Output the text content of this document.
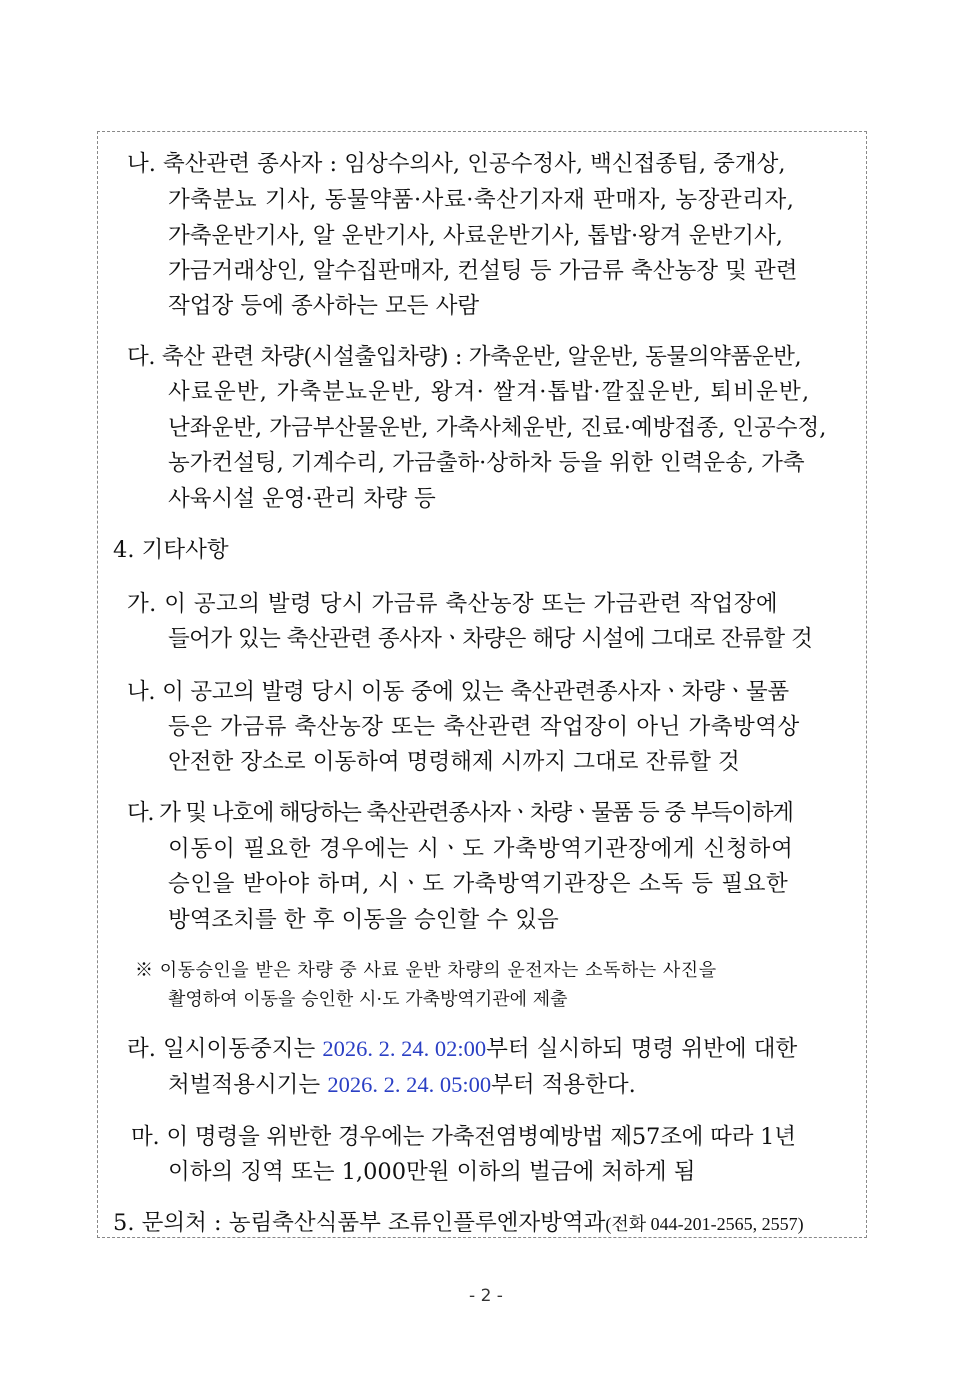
나. 축산관련 종사자 : 임상수의사, 인공수정사, 백신접종팀, 중개상,
가축분뇨 기사, 동물약품·사료·축산기자재 판매자, 농장관리자,
가축운반기사, 알 운반기사, 사료운반기사, 톱밥·왕겨 운반기사,
가금거래상인, 알수집판매자, 컨설팅 등 가금류 축산농장 및 관련
작업장 등에 종사하는 모든 사람
다. 축산 관련 차량(시설출입차량) : 가축운반, 알운반, 동물의약품운반,
사료운반, 가축분뇨운반, 왕겨· 쌀겨·톱밥·깔짚운반, 퇴비운반,
난좌운반, 가금부산물운반, 가축사체운반, 진료·예방접종, 인공수정,
농가컨설팅, 기계수리, 가금출하·상하차 등을 위한 인력운송, 가축
사육시설 운영·관리 차량 등
4. 기타사항
가. 이 공고의 발령 당시 가금류 축산농장 또는 가금관련 작업장에
들어가 있는 축산관련 종사자ㆍ차량은 해당 시설에 그대로 잔류할 것
나. 이 공고의 발령 당시 이동 중에 있는 축산관련종사자ㆍ차량ㆍ물품
등은 가금류 축산농장 또는 축산관련 작업장이 아닌 가축방역상
안전한 장소로 이동하여 명령해제 시까지 그대로 잔류할 것
다. 가 및 나호에 해당하는 축산관련종사자ㆍ차량ㆍ물품 등 중 부득이하게
이동이 필요한 경우에는 시ㆍ도 가축방역기관장에게 신청하여
승인을 받아야 하며, 시ㆍ도 가축방역기관장은 소독 등 필요한
방역조치를 한 후 이동을 승인할 수 있음
※ 이동승인을 받은 차량 중 사료 운반 차량의 운전자는 소독하는 사진을
촬영하여 이동을 승인한 시·도 가축방역기관에 제출
라. 일시이동중지는 2026. 2. 24. 02:00부터 실시하되 명령 위반에 대한
처벌적용시기는 2026. 2. 24. 05:00부터 적용한다.
마. 이 명령을 위반한 경우에는 가축전염병예방법 제57조에 따라 1년
이하의 징역 또는 1,000만원 이하의 벌금에 처하게 됨
5. 문의처 : 농림축산식품부 조류인플루엔자방역과(전화 044-201-2565, 2557)
- 2 -
